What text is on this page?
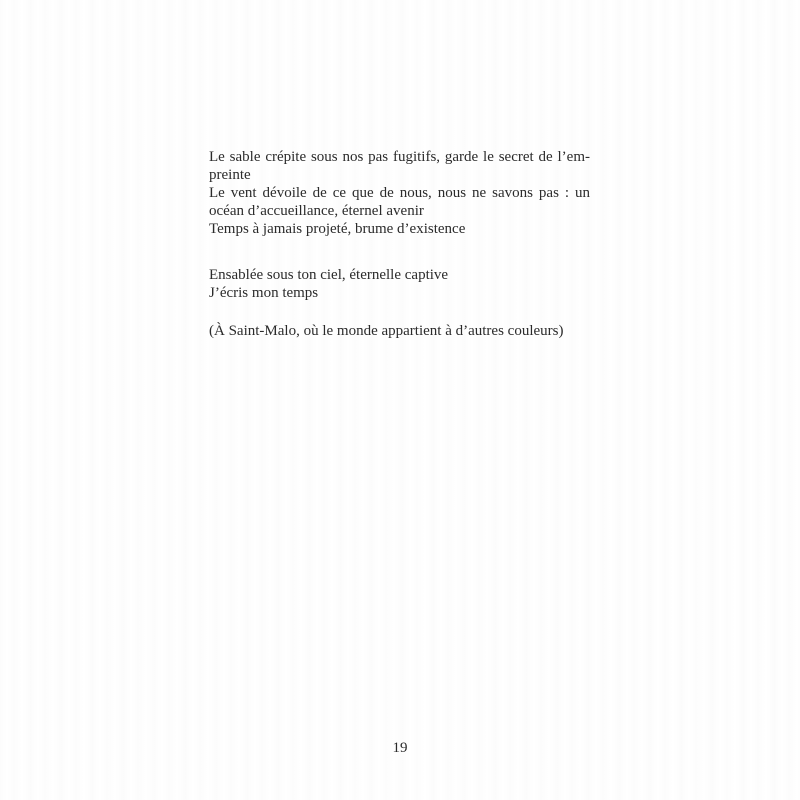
Le sable crépite sous nos pas fugitifs, garde le secret de l’em-

preinte

Le vent dévoile de ce que de nous, nous ne savons pas : un

océan d’accueillance, éternel avenir

Temps à jamais projeté, brume d’existence

Ensablée sous ton ciel, éternelle captive

J’écris mon temps

(À Saint-Malo, où le monde appartient à d’autres couleurs)

19
